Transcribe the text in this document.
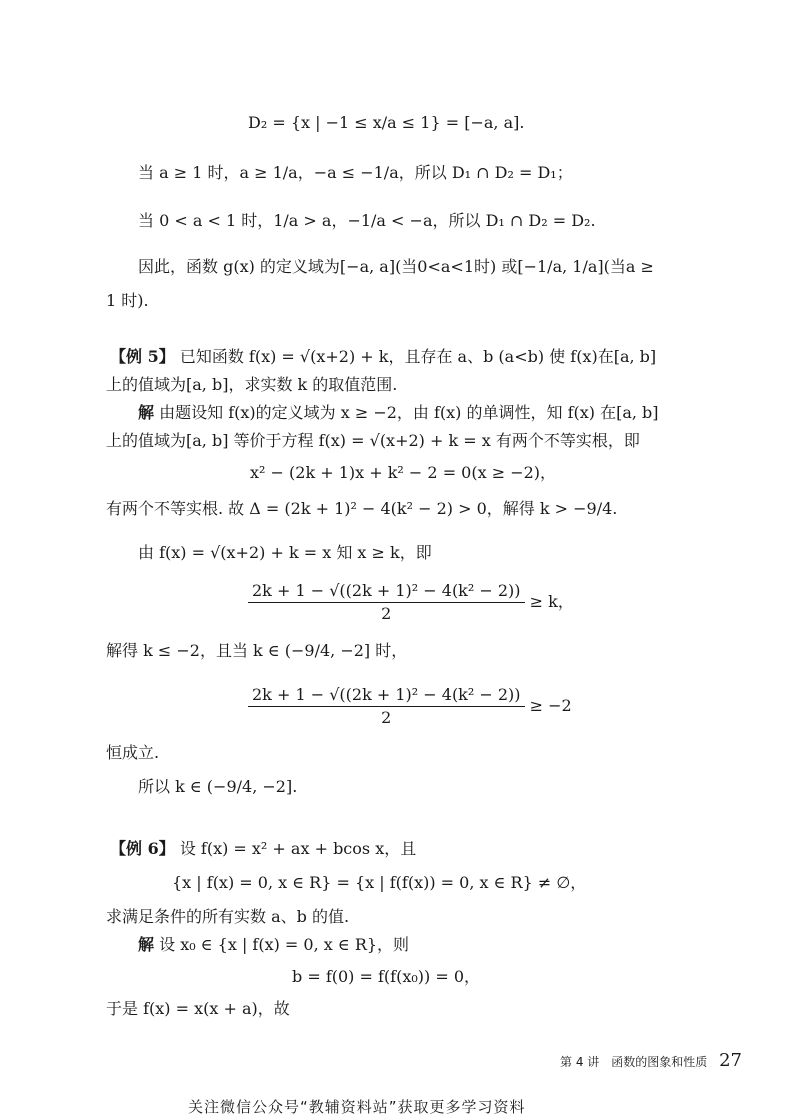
D₂ = {x | −1 ≤ x/a ≤ 1} = [−a, a].
当 a ≥ 1 时，a ≥ 1/a，−a ≤ −1/a，所以 D₁ ∩ D₂ = D₁；
当 0 < a < 1 时，1/a > a，−1/a < −a，所以 D₁ ∩ D₂ = D₂.
因此，函数 g(x) 的定义域为[−a, a](当0<a<1时) 或[−1/a, 1/a](当a ≥
1 时).
【例 5】 已知函数 f(x) = √(x+2) + k，且存在 a、b (a<b) 使 f(x)在[a, b]
上的值域为[a, b]，求实数 k 的取值范围.
解 由题设知 f(x)的定义域为 x ≥ −2，由 f(x) 的单调性，知 f(x) 在[a, b]
上的值域为[a, b] 等价于方程 f(x) = √(x+2) + k = x 有两个不等实根，即
x² − (2k + 1)x + k² − 2 = 0(x ≥ −2)，
有两个不等实根. 故 Δ = (2k + 1)² − 4(k² − 2) > 0，解得 k > −9/4.
由 f(x) = √(x+2) + k = x 知 x ≥ k，即
$\frac{\text{2k + 1 − √((2k + 1)² − 4(k² − 2))}}{2} \ge k$，
解得 k ≤ −2，且当 k ∈ (−9/4, −2] 时，
$\frac{\text{2k + 1 − √((2k + 1)² − 4(k² − 2))}}{2} \ge -2$
恒成立.
所以 k ∈ (−9/4, −2].
【例 6】 设 f(x) = x² + ax + bcos x，且
{x | f(x) = 0, x ∈ R} = {x | f(f(x)) = 0, x ∈ R} ≠ ∅，
求满足条件的所有实数 a、b 的值.
解 设 x₀ ∈ {x | f(x) = 0, x ∈ R}，则
b = f(0) = f(f(x₀)) = 0，
于是 f(x) = x(x + a)，故
第 4 讲　函数的图象和性质 27
关注微信公众号“教辅资料站”获取更多学习资料
